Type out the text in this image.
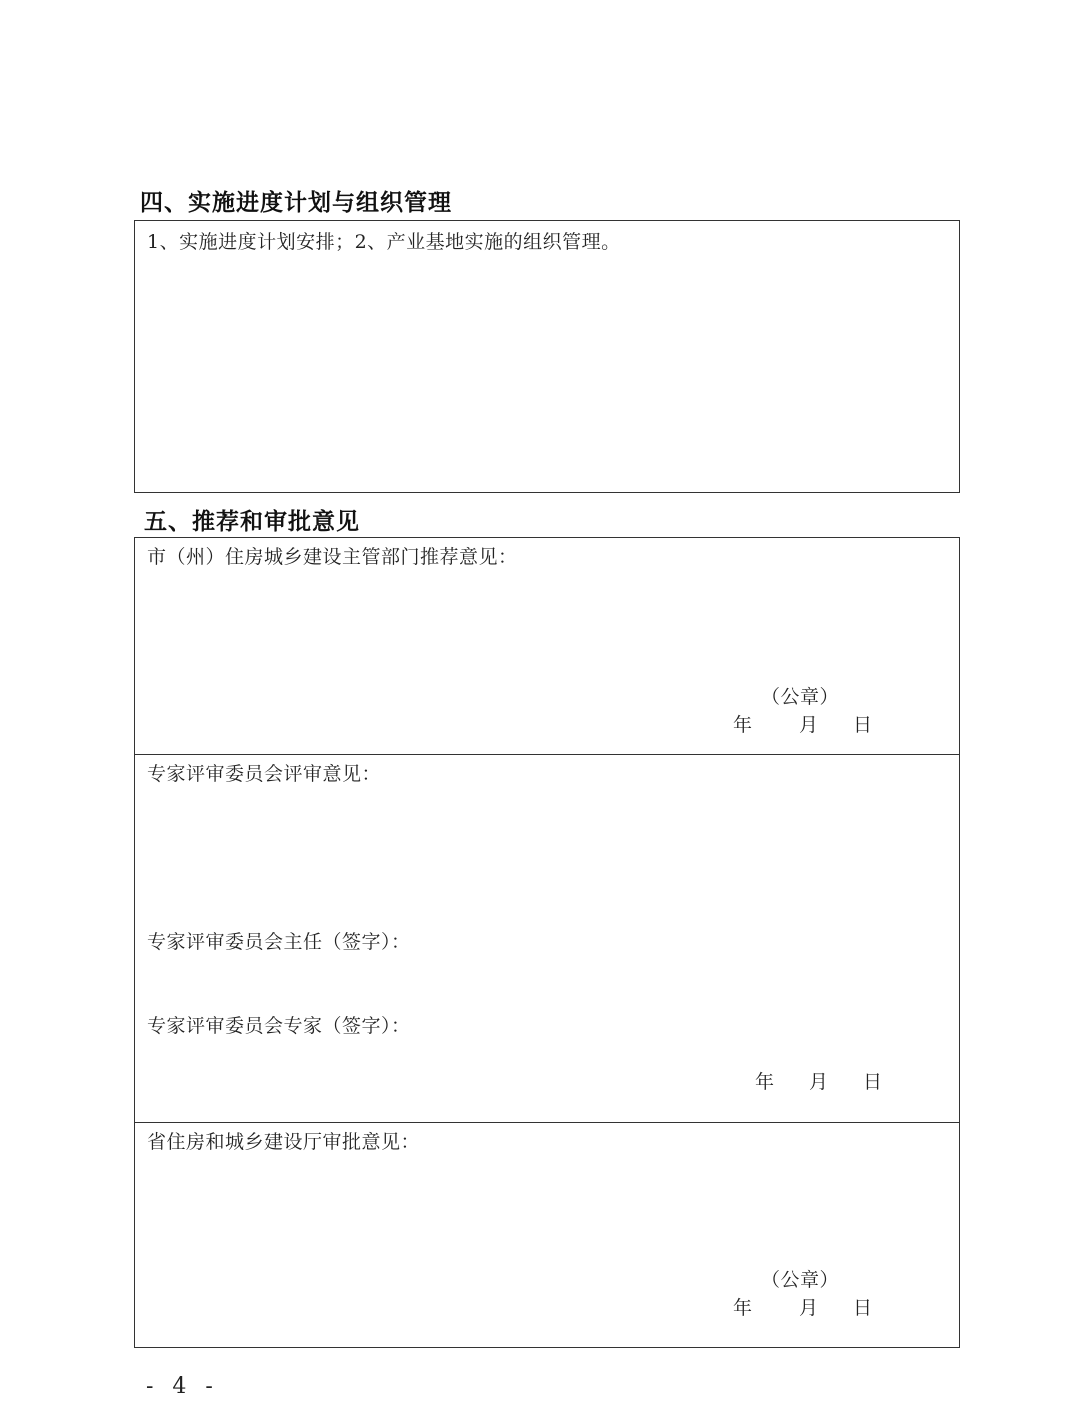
四、实施进度计划与组织管理
1、实施进度计划安排；2、产业基地实施的组织管理。
五、推荐和审批意见
市（州）住房城乡建设主管部门推荐意见：
（公章）
年 月 日
专家评审委员会评审意见：
专家评审委员会主任（签字）：
专家评审委员会专家（签字）：
年 月 日
省住房和城乡建设厅审批意见：
（公章）
年 月 日
- 4 -
